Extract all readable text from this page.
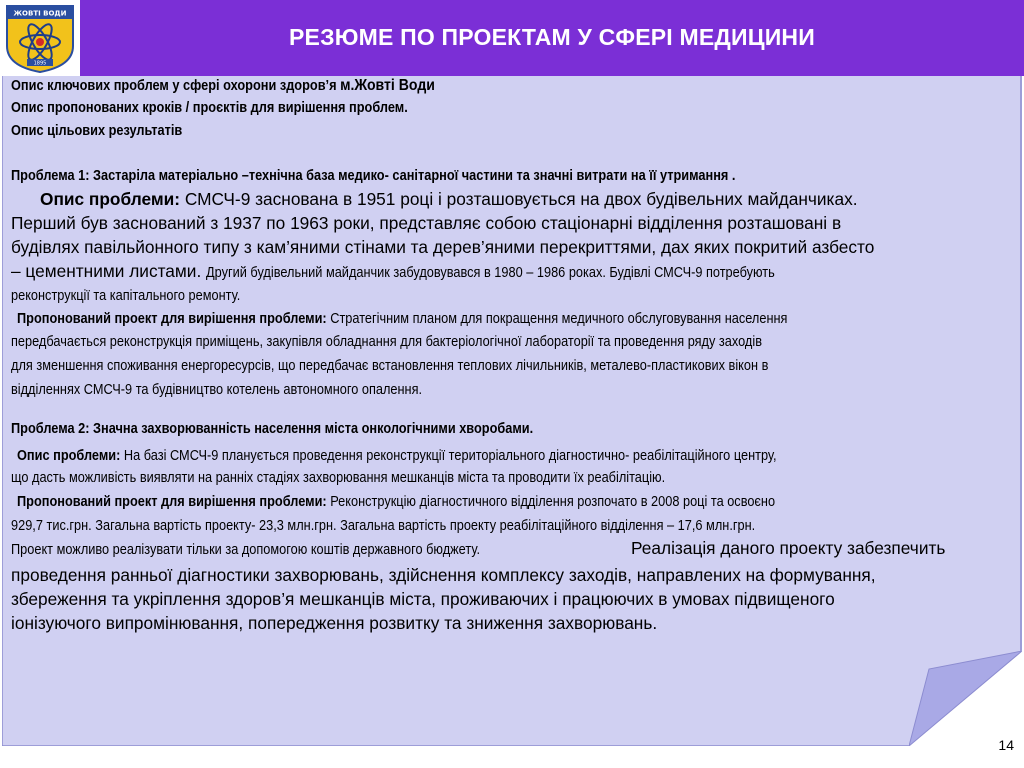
РЕЗЮМЕ ПО ПРОЕКТАМ У СФЕРІ МЕДИЦИНИ
ЖОВТІ ВОДИ
1895
Опис ключових проблем у сфері охорони здоров’я м.Жовті Води
Опис пропонованих кроків / проєктів для вирішення проблем.
Опис цільових результатів
Проблема 1: Застаріла матеріально –технічна база медико- санітарної частини та значні витрати на її утримання .
Опис проблеми: СМСЧ-9 заснована в 1951 році і розташовується на двох будівельних майданчиках.
Перший був заснований з 1937 по 1963 роки, представляє собою стаціонарні відділення розташовані в
будівлях павільйонного типу з кам’яними стінами та дерев’яними перекриттями, дах яких покритий азбесто
– цементними листами. Другий будівельний майданчик забудовувався в 1980 – 1986 роках. Будівлі СМСЧ-9 потребують
реконструкції та капітального ремонту.
Пропонований проект для вирішення проблеми: Стратегічним планом для покращення медичного обслуговування населення
передбачається реконструкція приміщень, закупівля обладнання для бактеріологічної лабораторії та проведення ряду заходів
для зменшення споживання енергоресурсів, що передбачає встановлення теплових лічильників, металево-пластикових вікон в
відділеннях СМСЧ-9 та будівництво котелень автономного опалення.
Проблема 2: Значна захворюванність населення міста онкологічними хворобами.
Опис проблеми: На базі СМСЧ-9 планується проведення реконструкції територіального діагностично- реабілітаційного центру,
що дасть можливість виявляти на ранніх стадіях захворювання мешканців міста та проводити їх реабілітацію.
Пропонований проект для вирішення проблеми: Реконструкцію діагностичного відділення розпочато в 2008 році та освоєно
929,7 тис.грн. Загальна вартість проекту- 23,3 млн.грн. Загальна вартість проекту реабілітаційного відділення – 17,6 млн.грн.
Проект можливо реалізувати тільки за допомогою коштів державного бюджету.	Реалізація даного проекту забезпечить
проведення ранньої діагностики захворювань, здійснення комплексу заходів, направлених на формування,
збереження та укріплення здоров’я мешканців міста, проживаючих і працюючих в умовах підвищеного
іонізуючого випромінювання, попередження розвитку та зниження захворювань.
14
